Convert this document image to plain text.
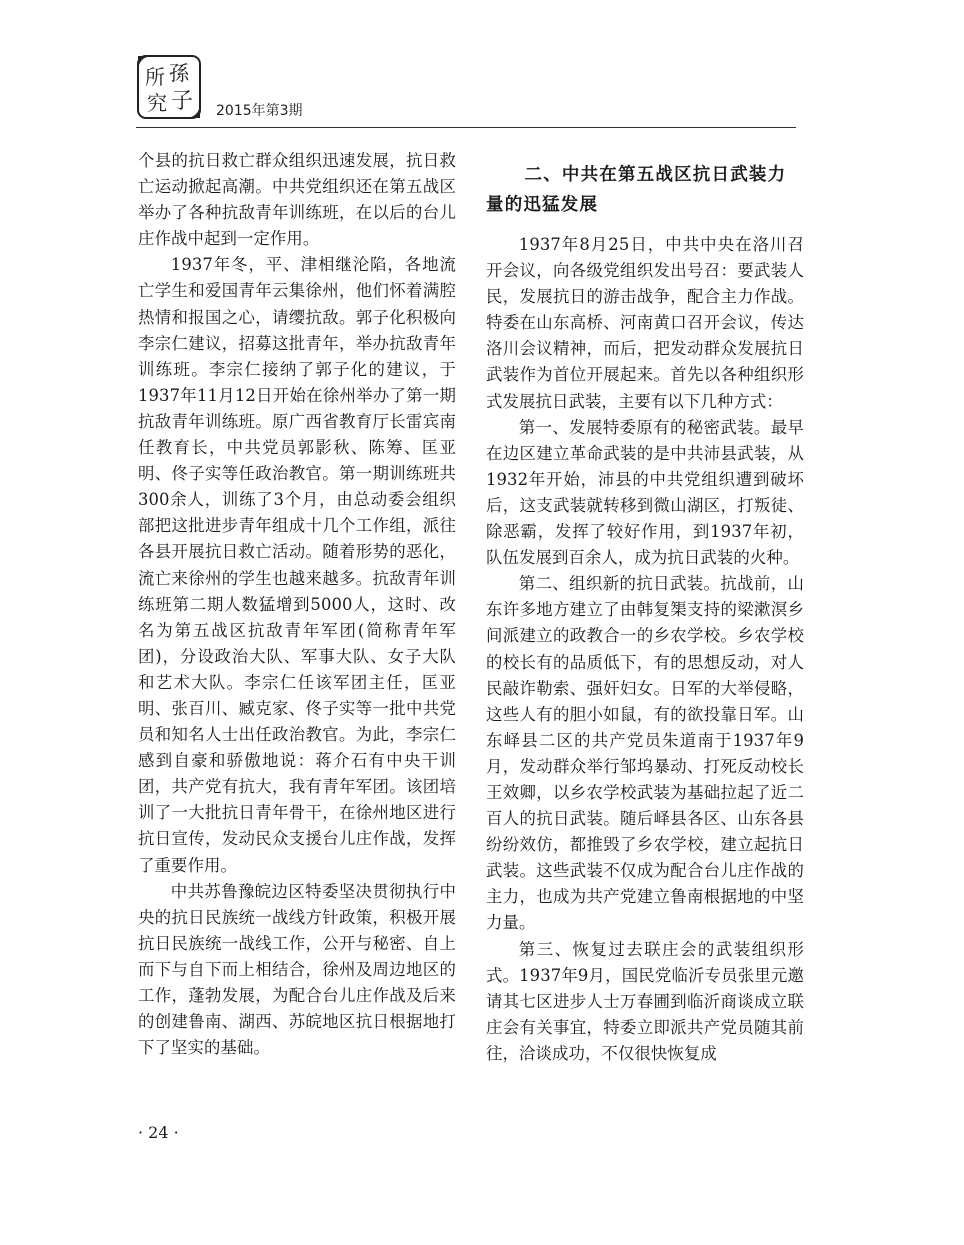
所 孫
究 子 2015年第3期

个县的抗日救亡群众组织迅速发展，抗日救亡运动掀起高潮。中共党组织还在第五战区举办了各种抗敌青年训练班，在以后的台儿庄作战中起到一定作用。

1937年冬，平、津相继沦陷，各地流亡学生和爱国青年云集徐州，他们怀着满腔热情和报国之心，请缨抗敌。郭子化积极向李宗仁建议，招募这批青年，举办抗敌青年训练班。李宗仁接纳了郭子化的建议，于1937年11月12日开始在徐州举办了第一期抗敌青年训练班。原广西省教育厅长雷宾南任教育长，中共党员郭影秋、陈筹、匡亚明、佟子实等任政治教官。第一期训练班共300余人，训练了3个月，由总动委会组织部把这批进步青年组成十几个工作组，派往各县开展抗日救亡活动。随着形势的恶化，流亡来徐州的学生也越来越多。抗敌青年训练班第二期人数猛增到5000人，这时、改名为第五战区抗敌青年军团(简称青年军团)，分设政治大队、军事大队、女子大队和艺术大队。李宗仁任该军团主任，匡亚明、张百川、臧克家、佟子实等一批中共党员和知名人士出任政治教官。为此，李宗仁感到自豪和骄傲地说：蒋介石有中央干训团，共产党有抗大，我有青年军团。该团培训了一大批抗日青年骨干，在徐州地区进行抗日宣传，发动民众支援台儿庄作战，发挥了重要作用。

中共苏鲁豫皖边区特委坚决贯彻执行中央的抗日民族统一战线方针政策，积极开展抗日民族统一战线工作，公开与秘密、自上而下与自下而上相结合，徐州及周边地区的工作，蓬勃发展，为配合台儿庄作战及后来的创建鲁南、湖西、苏皖地区抗日根据地打下了坚实的基础。

二、中共在第五战区抗日武装力量的迅猛发展

1937年8月25日，中共中央在洛川召开会议，向各级党组织发出号召：要武装人民，发展抗日的游击战争，配合主力作战。特委在山东高桥、河南黄口召开会议，传达洛川会议精神，而后，把发动群众发展抗日武装作为首位开展起来。首先以各种组织形式发展抗日武装，主要有以下几种方式：

第一、发展特委原有的秘密武装。最早在边区建立革命武装的是中共沛县武装，从1932年开始，沛县的中共党组织遭到破坏后，这支武装就转移到微山湖区，打叛徒、除恶霸，发挥了较好作用，到1937年初，队伍发展到百余人，成为抗日武装的火种。

第二、组织新的抗日武装。抗战前，山东许多地方建立了由韩复榘支持的梁漱溟乡间派建立的政教合一的乡农学校。乡农学校的校长有的品质低下，有的思想反动，对人民敲诈勒索、强奸妇女。日军的大举侵略，这些人有的胆小如鼠，有的欲投靠日军。山东峄县二区的共产党员朱道南于1937年9月，发动群众举行邹坞暴动、打死反动校长王效卿，以乡农学校武装为基础拉起了近二百人的抗日武装。随后峄县各区、山东各县纷纷效仿，都推毁了乡农学校，建立起抗日武装。这些武装不仅成为配合台儿庄作战的主力，也成为共产党建立鲁南根据地的中坚力量。

第三、恢复过去联庄会的武装组织形式。1937年9月，国民党临沂专员张里元邀请其七区进步人士万春圃到临沂商谈成立联庄会有关事宜，特委立即派共产党员随其前往，洽谈成功，不仅很快恢复成

· 24 ·
